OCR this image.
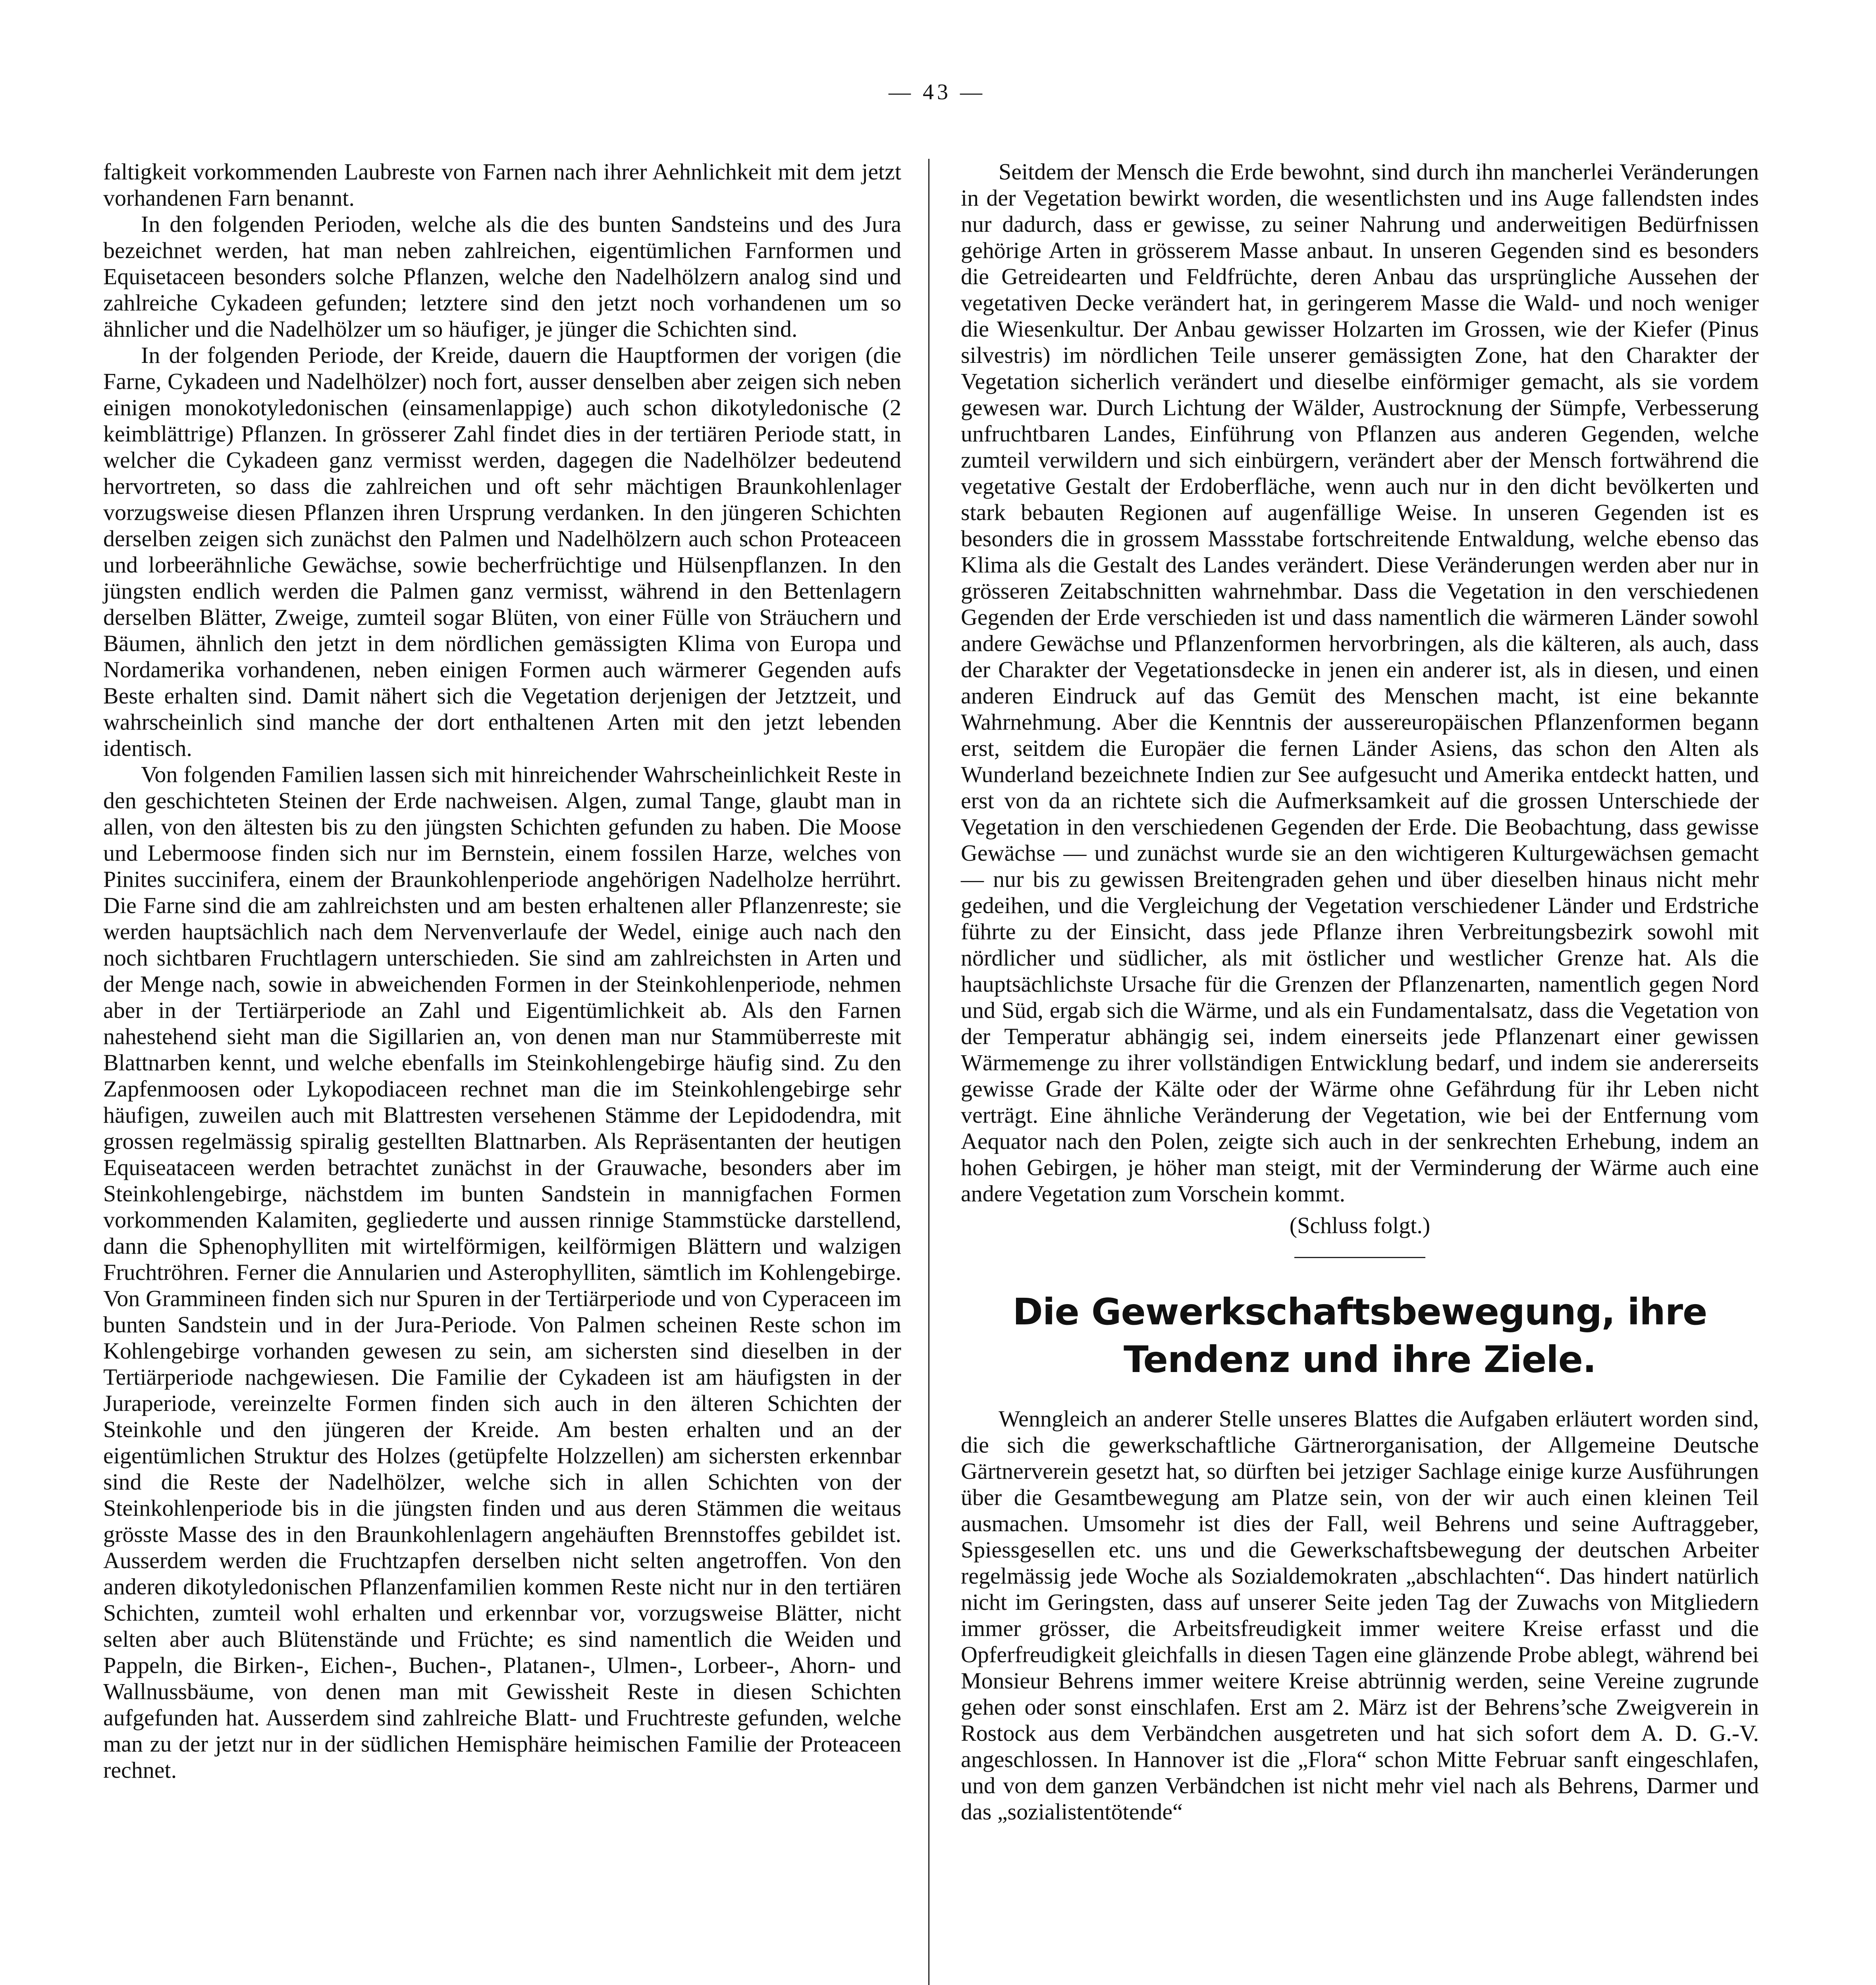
— 43 —

faltigkeit vorkommenden Laubreste von Farnen nach ihrer Aehnlichkeit mit dem jetzt vorhandenen Farn benannt.

In den folgenden Perioden, welche als die des bunten Sandsteins und des Jura bezeichnet werden, hat man neben zahlreichen, eigentümlichen Farnformen und Equisetaceen besonders solche Pflanzen, welche den Nadelhölzern analog sind und zahlreiche Cykadeen gefunden; letztere sind den jetzt noch vorhandenen um so ähnlicher und die Nadelhölzer um so häufiger, je jünger die Schichten sind.

In der folgenden Periode, der Kreide, dauern die Hauptformen der vorigen (die Farne, Cykadeen und Nadelhölzer) noch fort, ausser denselben aber zeigen sich neben einigen monokotyledonischen (einsamenlappige) auch schon dikotyledonische (2 keimblättrige) Pflanzen. In grösserer Zahl findet dies in der tertiären Periode statt, in welcher die Cykadeen ganz vermisst werden, dagegen die Nadelhölzer bedeutend hervortreten, so dass die zahlreichen und oft sehr mächtigen Braunkohlenlager vorzugsweise diesen Pflanzen ihren Ursprung verdanken. In den jüngeren Schichten derselben zeigen sich zunächst den Palmen und Nadelhölzern auch schon Proteaceen und lorbeerähnliche Gewächse, sowie becherfrüchtige und Hülsenpflanzen. In den jüngsten endlich werden die Palmen ganz vermisst, während in den Bettenlagern derselben Blätter, Zweige, zumteil sogar Blüten, von einer Fülle von Sträuchern und Bäumen, ähnlich den jetzt in dem nördlichen gemässigten Klima von Europa und Nordamerika vorhandenen, neben einigen Formen auch wärmerer Gegenden aufs Beste erhalten sind. Damit nähert sich die Vegetation derjenigen der Jetztzeit, und wahrscheinlich sind manche der dort enthaltenen Arten mit den jetzt lebenden identisch.

Von folgenden Familien lassen sich mit hinreichender Wahrscheinlichkeit Reste in den geschichteten Steinen der Erde nachweisen. Algen, zumal Tange, glaubt man in allen, von den ältesten bis zu den jüngsten Schichten gefunden zu haben. Die Moose und Lebermoose finden sich nur im Bernstein, einem fossilen Harze, welches von Pinites succinifera, einem der Braunkohlenperiode angehörigen Nadelholze herrührt. Die Farne sind die am zahlreichsten und am besten erhaltenen aller Pflanzenreste; sie werden hauptsächlich nach dem Nervenverlaufe der Wedel, einige auch nach den noch sichtbaren Fruchtlagern unterschieden. Sie sind am zahlreichsten in Arten und der Menge nach, sowie in abweichenden Formen in der Steinkohlenperiode, nehmen aber in der Tertiärperiode an Zahl und Eigentümlichkeit ab. Als den Farnen nahestehend sieht man die Sigillarien an, von denen man nur Stammüberreste mit Blattnarben kennt, und welche ebenfalls im Steinkohlengebirge häufig sind. Zu den Zapfenmoosen oder Lykopodiaceen rechnet man die im Steinkohlengebirge sehr häufigen, zuweilen auch mit Blattresten versehenen Stämme der Lepidodendra, mit grossen regelmässig spiralig gestellten Blattnarben. Als Repräsentanten der heutigen Equiseataceen werden betrachtet zunächst in der Grauwache, besonders aber im Steinkohlengebirge, nächstdem im bunten Sandstein in mannigfachen Formen vorkommenden Kalamiten, gegliederte und aussen rinnige Stammstücke darstellend, dann die Sphenophylliten mit wirtelförmigen, keilförmigen Blättern und walzigen Fruchtröhren. Ferner die Annularien und Asterophylliten, sämtlich im Kohlengebirge. Von Grammineen finden sich nur Spuren in der Tertiärperiode und von Cyperaceen im bunten Sandstein und in der Jura-Periode. Von Palmen scheinen Reste schon im Kohlengebirge vorhanden gewesen zu sein, am sichersten sind dieselben in der Tertiärperiode nachgewiesen. Die Familie der Cykadeen ist am häufigsten in der Juraperiode, vereinzelte Formen finden sich auch in den älteren Schichten der Steinkohle und den jüngeren der Kreide. Am besten erhalten und an der eigentümlichen Struktur des Holzes (getüpfelte Holzzellen) am sichersten erkennbar sind die Reste der Nadelhölzer, welche sich in allen Schichten von der Steinkohlenperiode bis in die jüngsten finden und aus deren Stämmen die weitaus grösste Masse des in den Braunkohlenlagern angehäuften Brennstoffes gebildet ist. Ausserdem werden die Fruchtzapfen derselben nicht selten angetroffen. Von den anderen dikotyledonischen Pflanzenfamilien kommen Reste nicht nur in den tertiären Schichten, zumteil wohl erhalten und erkennbar vor, vorzugsweise Blätter, nicht selten aber auch Blütenstände und Früchte; es sind namentlich die Weiden und Pappeln, die Birken-, Eichen-, Buchen-, Platanen-, Ulmen-, Lorbeer-, Ahorn- und Wallnussbäume, von denen man mit Gewissheit Reste in diesen Schichten aufgefunden hat. Ausserdem sind zahlreiche Blatt- und Fruchtreste gefunden, welche man zu der jetzt nur in der südlichen Hemisphäre heimischen Familie der Proteaceen rechnet.

Seitdem der Mensch die Erde bewohnt, sind durch ihn mancherlei Veränderungen in der Vegetation bewirkt worden, die wesentlichsten und ins Auge fallendsten indes nur dadurch, dass er gewisse, zu seiner Nahrung und anderweitigen Bedürfnissen gehörige Arten in grösserem Masse anbaut. In unseren Gegenden sind es besonders die Getreidearten und Feldfrüchte, deren Anbau das ursprüngliche Aussehen der vegetativen Decke verändert hat, in geringerem Masse die Wald- und noch weniger die Wiesenkultur. Der Anbau gewisser Holzarten im Grossen, wie der Kiefer (Pinus silvestris) im nördlichen Teile unserer gemässigten Zone, hat den Charakter der Vegetation sicherlich verändert und dieselbe einförmiger gemacht, als sie vordem gewesen war. Durch Lichtung der Wälder, Austrocknung der Sümpfe, Verbesserung unfruchtbaren Landes, Einführung von Pflanzen aus anderen Gegenden, welche zumteil verwildern und sich einbürgern, verändert aber der Mensch fortwährend die vegetative Gestalt der Erdoberfläche, wenn auch nur in den dicht bevölkerten und stark bebauten Regionen auf augenfällige Weise. In unseren Gegenden ist es besonders die in grossem Massstabe fortschreitende Entwaldung, welche ebenso das Klima als die Gestalt des Landes verändert. Diese Veränderungen werden aber nur in grösseren Zeitabschnitten wahrnehmbar. Dass die Vegetation in den verschiedenen Gegenden der Erde verschieden ist und dass namentlich die wärmeren Länder sowohl andere Gewächse und Pflanzenformen hervorbringen, als die kälteren, als auch, dass der Charakter der Vegetationsdecke in jenen ein anderer ist, als in diesen, und einen anderen Eindruck auf das Gemüt des Menschen macht, ist eine bekannte Wahrnehmung. Aber die Kenntnis der aussereuropäischen Pflanzenformen begann erst, seitdem die Europäer die fernen Länder Asiens, das schon den Alten als Wunderland bezeichnete Indien zur See aufgesucht und Amerika entdeckt hatten, und erst von da an richtete sich die Aufmerksamkeit auf die grossen Unterschiede der Vegetation in den verschiedenen Gegenden der Erde. Die Beobachtung, dass gewisse Gewächse — und zunächst wurde sie an den wichtigeren Kulturgewächsen gemacht — nur bis zu gewissen Breitengraden gehen und über dieselben hinaus nicht mehr gedeihen, und die Vergleichung der Vegetation verschiedener Länder und Erdstriche führte zu der Einsicht, dass jede Pflanze ihren Verbreitungsbezirk sowohl mit nördlicher und südlicher, als mit östlicher und westlicher Grenze hat. Als die hauptsächlichste Ursache für die Grenzen der Pflanzenarten, namentlich gegen Nord und Süd, ergab sich die Wärme, und als ein Fundamentalsatz, dass die Vegetation von der Temperatur abhängig sei, indem einerseits jede Pflanzenart einer gewissen Wärmemenge zu ihrer vollständigen Entwicklung bedarf, und indem sie andererseits gewisse Grade der Kälte oder der Wärme ohne Gefährdung für ihr Leben nicht verträgt. Eine ähnliche Veränderung der Vegetation, wie bei der Entfernung vom Aequator nach den Polen, zeigte sich auch in der senkrechten Erhebung, indem an hohen Gebirgen, je höher man steigt, mit der Verminderung der Wärme auch eine andere Vegetation zum Vorschein kommt.

(Schluss folgt.)
Die Gewerkschaftsbewegung, ihre Tendenz und ihre Ziele.

Wenngleich an anderer Stelle unseres Blattes die Aufgaben erläutert worden sind, die sich die gewerkschaftliche Gärtnerorganisation, der Allgemeine Deutsche Gärtnerverein gesetzt hat, so dürften bei jetziger Sachlage einige kurze Ausführungen über die Gesamtbewegung am Platze sein, von der wir auch einen kleinen Teil ausmachen. Umsomehr ist dies der Fall, weil Behrens und seine Auftraggeber, Spiessgesellen etc. uns und die Gewerkschaftsbewegung der deutschen Arbeiter regelmässig jede Woche als Sozialdemokraten „abschlachten“. Das hindert natürlich nicht im Geringsten, dass auf unserer Seite jeden Tag der Zuwachs von Mitgliedern immer grösser, die Arbeitsfreudigkeit immer weitere Kreise erfasst und die Opferfreudigkeit gleichfalls in diesen Tagen eine glänzende Probe ablegt, während bei Monsieur Behrens immer weitere Kreise abtrünnig werden, seine Vereine zugrunde gehen oder sonst einschlafen. Erst am 2. März ist der Behrens’sche Zweigverein in Rostock aus dem Verbändchen ausgetreten und hat sich sofort dem A. D. G.-V. angeschlossen. In Hannover ist die „Flora“ schon Mitte Februar sanft eingeschlafen, und von dem ganzen Verbändchen ist nicht mehr viel nach als Behrens, Darmer und das „sozialistentötende“
